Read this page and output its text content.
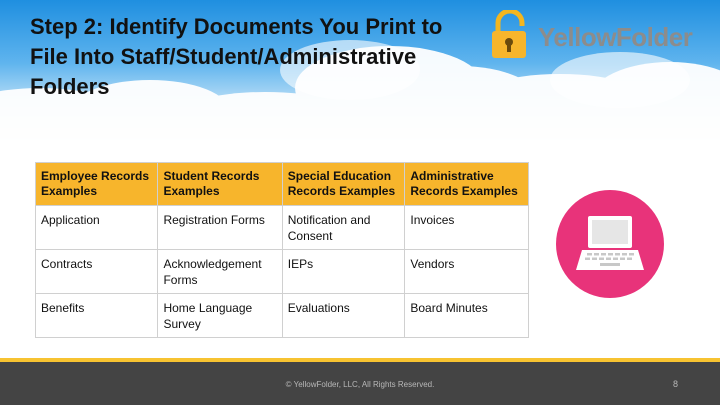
Step 2: Identify Documents You Print to File Into Staff/Student/Administrative Folders
YellowFolder
Employee Records Examples	Student Records Examples	Special Education Records Examples	Administrative Records Examples
Application	Registration Forms	Notification and Consent	Invoices
Contracts	Acknowledgement Forms	IEPs	Vendors
Benefits	Home Language Survey	Evaluations	Board Minutes
© YellowFolder, LLC, All Rights Reserved.	8
